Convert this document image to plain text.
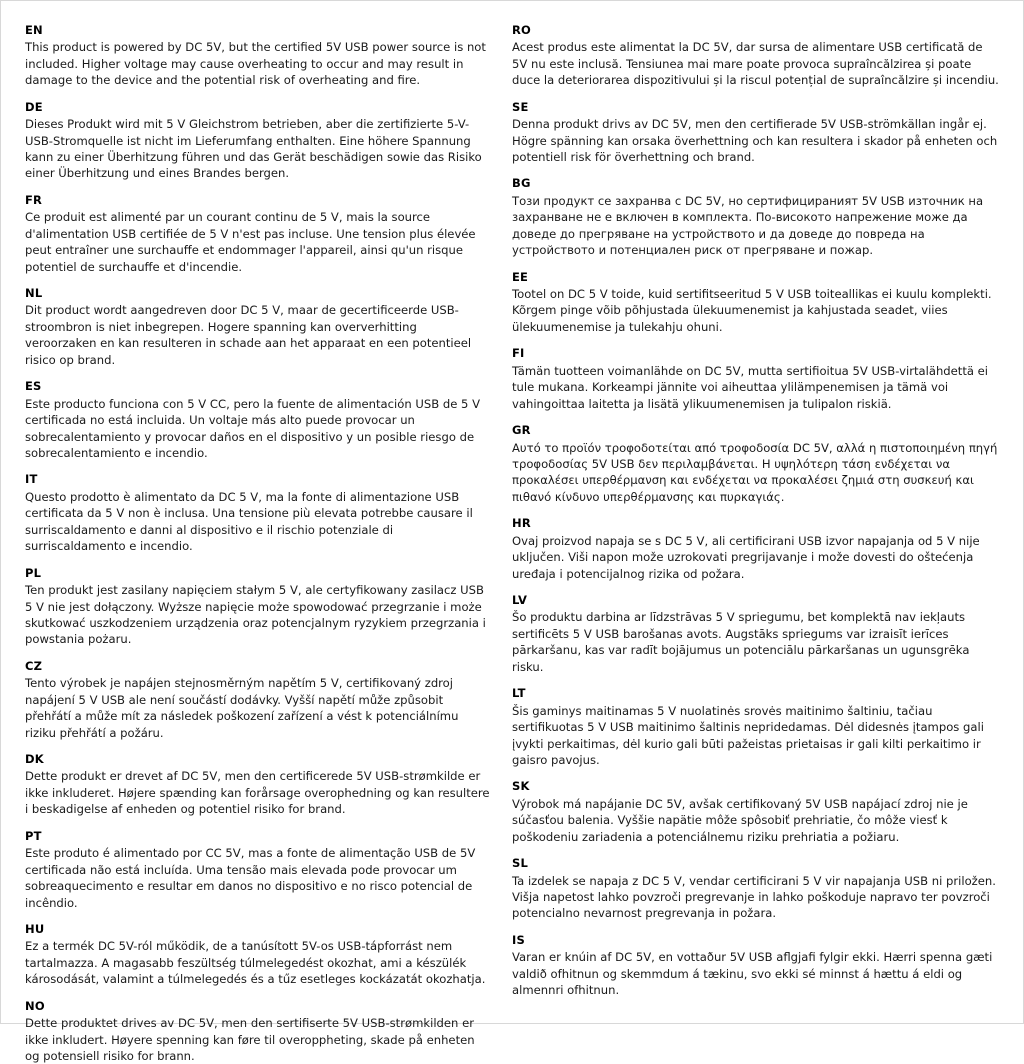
EN
This product is powered by DC 5V, but the certified 5V USB power source is not included. Higher voltage may cause overheating to occur and may result in damage to the device and the potential risk of overheating and fire.
DE
Dieses Produkt wird mit 5 V Gleichstrom betrieben, aber die zertifizierte 5-V-USB-Stromquelle ist nicht im Lieferumfang enthalten. Eine höhere Spannung kann zu einer Überhitzung führen und das Gerät beschädigen sowie das Risiko einer Überhitzung und eines Brandes bergen.
FR
Ce produit est alimenté par un courant continu de 5 V, mais la source d'alimentation USB certifiée de 5 V n'est pas incluse. Une tension plus élevée peut entraîner une surchauffe et endommager l'appareil, ainsi qu'un risque potentiel de surchauffe et d'incendie.
NL
Dit product wordt aangedreven door DC 5 V, maar de gecertificeerde USB-stroombron is niet inbegrepen. Hogere spanning kan oververhitting veroorzaken en kan resulteren in schade aan het apparaat en een potentieel risico op brand.
ES
Este producto funciona con 5 V CC, pero la fuente de alimentación USB de 5 V certificada no está incluida. Un voltaje más alto puede provocar un sobrecalentamiento y provocar daños en el dispositivo y un posible riesgo de sobrecalentamiento e incendio.
IT
Questo prodotto è alimentato da DC 5 V, ma la fonte di alimentazione USB certificata da 5 V non è inclusa. Una tensione più elevata potrebbe causare il surriscaldamento e danni al dispositivo e il rischio potenziale di surriscaldamento e incendio.
PL
Ten produkt jest zasilany napięciem stałym 5 V, ale certyfikowany zasilacz USB 5 V nie jest dołączony. Wyższe napięcie może spowodować przegrzanie i może skutkować uszkodzeniem urządzenia oraz potencjalnym ryzykiem przegrzania i powstania pożaru.
CZ
Tento výrobek je napájen stejnosměrným napětím 5 V, certifikovaný zdroj napájení 5 V USB ale není součástí dodávky. Vyšší napětí může způsobit přehřátí a může mít za následek poškození zařízení a vést k potenciálnímu riziku přehřátí a požáru.
DK
Dette produkt er drevet af DC 5V, men den certificerede 5V USB-strømkilde er ikke inkluderet. Højere spænding kan forårsage overophedning og kan resultere i beskadigelse af enheden og potentiel risiko for brand.
PT
Este produto é alimentado por CC 5V, mas a fonte de alimentação USB de 5V certificada não está incluída. Uma tensão mais elevada pode provocar um sobreaquecimento e resultar em danos no dispositivo e no risco potencial de incêndio.
HU
Ez a termék DC 5V-ról működik, de a tanúsított 5V-os USB-tápforrást nem tartalmazza. A magasabb feszültség túlmelegedést okozhat, ami a készülék károsodását, valamint a túlmelegedés és a tűz esetleges kockázatát okozhatja.
NO
Dette produktet drives av DC 5V, men den sertifiserte 5V USB-strømkilden er ikke inkludert. Høyere spenning kan føre til overoppheting, skade på enheten og potensiell risiko for brann.
RO
Acest produs este alimentat la DC 5V, dar sursa de alimentare USB certificată de 5V nu este inclusă. Tensiunea mai mare poate provoca supraîncălzirea și poate duce la deteriorarea dispozitivului și la riscul potențial de supraîncălzire și incendiu.
SE
Denna produkt drivs av DC 5V, men den certifierade 5V USB-strömkällan ingår ej. Högre spänning kan orsaka överhettning och kan resultera i skador på enheten och potentiell risk för överhettning och brand.
BG
Този продукт се захранва с DC 5V, но сертифицираният 5V USB източник на захранване не е включен в комплекта. По-високото напрежение може да доведе до прегряване на устройството и да доведе до повреда на устройството и потенциален риск от прегряване и пожар.
EE
Tootel on DC 5 V toide, kuid sertifitseeritud 5 V USB toiteallikas ei kuulu komplekti. Kõrgem pinge võib põhjustada ülekuumenemist ja kahjustada seadet, viies ülekuumenemise ja tulekahju ohuni.
FI
Tämän tuotteen voimanlähde on DC 5V, mutta sertifioitua 5V USB-virtalähdettä ei tule mukana. Korkeampi jännite voi aiheuttaa ylilämpenemisen ja tämä voi vahingoittaa laitetta ja lisätä ylikuumenemisen ja tulipalon riskiä.
GR
Αυτό το προϊόν τροφοδοτείται από τροφοδοσία DC 5V, αλλά η πιστοποιημένη πηγή τροφοδοσίας 5V USB δεν περιλαμβάνεται. Η υψηλότερη τάση ενδέχεται να προκαλέσει υπερθέρμανση και ενδέχεται να προκαλέσει ζημιά στη συσκευή και πιθανό κίνδυνο υπερθέρμανσης και πυρκαγιάς.
HR
Ovaj proizvod napaja se s DC 5 V, ali certificirani USB izvor napajanja od 5 V nije uključen. Viši napon može uzrokovati pregrijavanje i može dovesti do oštećenja uređaja i potencijalnog rizika od požara.
LV
Šo produktu darbina ar līdzstrāvas 5 V spriegumu, bet komplektā nav iekļauts sertificēts 5 V USB barošanas avots. Augstāks spriegums var izraisīt ierīces pārkaršanu, kas var radīt bojājumus un potenciālu pārkaršanas un ugunsgrēka risku.
LT
Šis gaminys maitinamas 5 V nuolatinės srovės maitinimo šaltiniu, tačiau sertifikuotas 5 V USB maitinimo šaltinis nepridedamas. Dėl didesnės įtampos gali įvykti perkaitimas, dėl kurio gali būti pažeistas prietaisas ir gali kilti perkaitimo ir gaisro pavojus.
SK
Výrobok má napájanie DC 5V, avšak certifikovaný 5V USB napájací zdroj nie je súčasťou balenia. Vyššie napätie môže spôsobiť prehriatie, čo môže viesť k poškodeniu zariadenia a potenciálnemu riziku prehriatia a požiaru.
SL
Ta izdelek se napaja z DC 5 V, vendar certificirani 5 V vir napajanja USB ni priložen. Višja napetost lahko povzroči pregrevanje in lahko poškoduje napravo ter povzroči potencialno nevarnost pregrevanja in požara.
IS
Varan er knúin af DC 5V, en vottaður 5V USB aflgjafi fylgir ekki. Hærri spenna gæti valdið ofhitnun og skemmdum á tækinu, svo ekki sé minnst á hættu á eldi og almennri ofhitnun.
